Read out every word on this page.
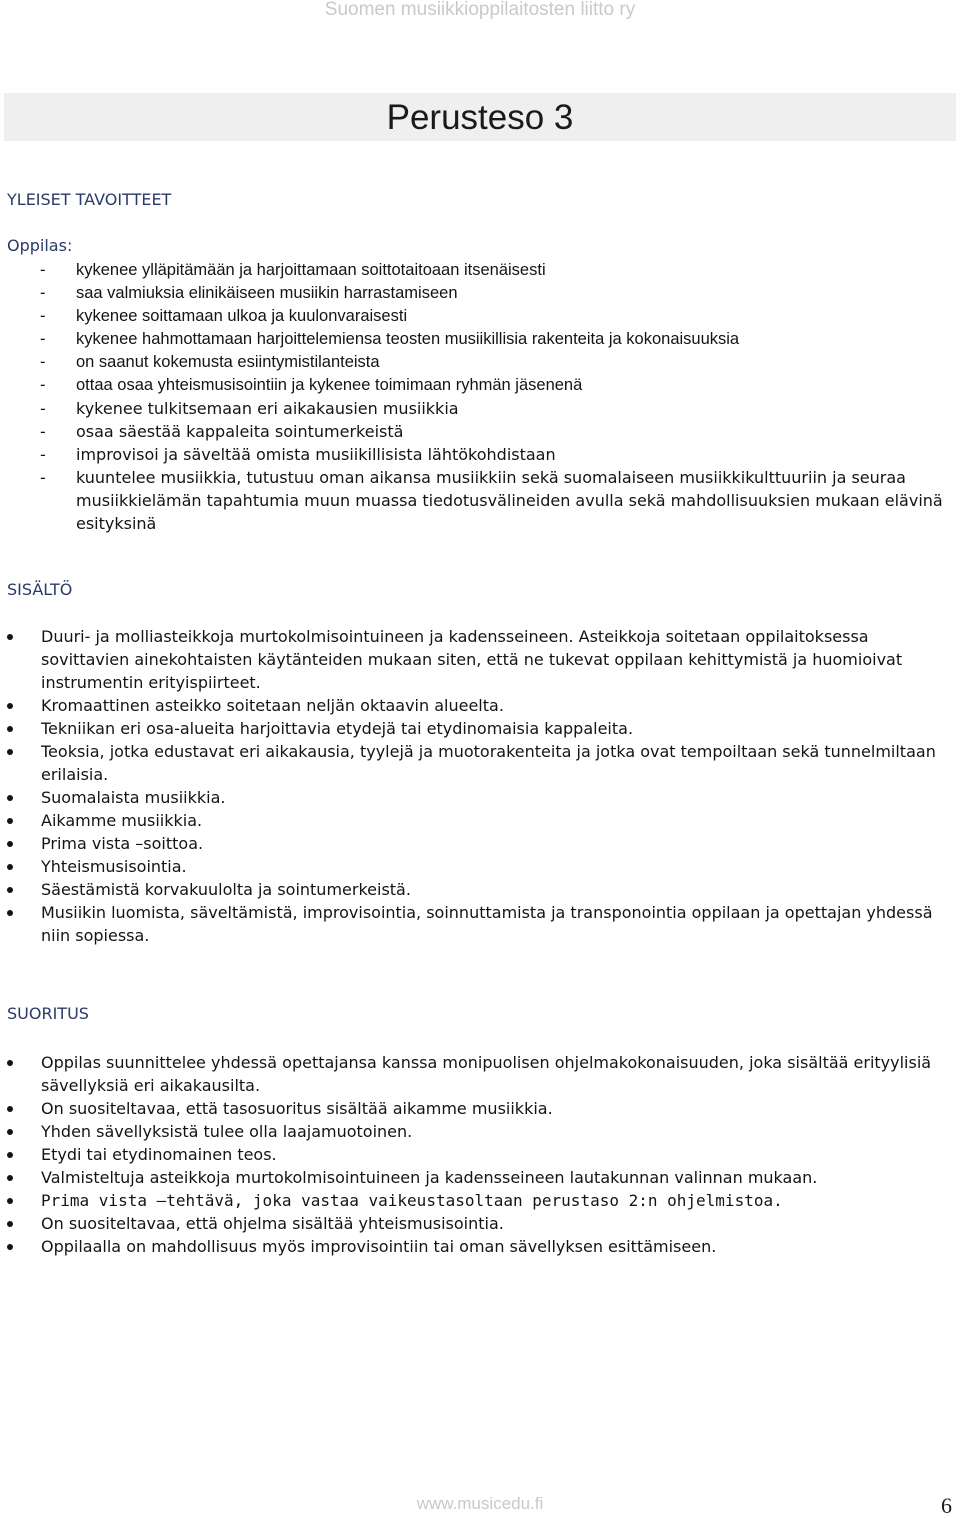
Suomen musiikkioppilaitosten liitto ry
Perusteso 3
YLEISET TAVOITTEET
Oppilas:
- kykenee ylläpitämään ja harjoittamaan soittotaitoaan itsenäisesti
- saa valmiuksia elinikäiseen musiikin harrastamiseen
- kykenee soittamaan ulkoa ja kuulonvaraisesti
- kykenee hahmottamaan harjoittelemiensa teosten musiikillisia rakenteita ja kokonaisuuksia
- on saanut kokemusta esiintymistilanteista
- ottaa osaa yhteismusisointiin ja kykenee toimimaan ryhmän jäsenenä
- kykenee tulkitsemaan eri aikakausien musiikkia
- osaa säestää kappaleita sointumerkeistä
- improvisoi ja säveltää omista musiikillisista lähtökohdistaan
- kuuntelee musiikkia, tutustuu oman aikansa musiikkiin sekä suomalaiseen musiikkikulttuuriin ja seuraa musiikkielämän tapahtumia muun muassa tiedotusvälineiden avulla sekä mahdollisuuksien mukaan elävinä esityksinä
SISÄLTÖ
Duuri- ja molliasteikkoja murtokolmisointuineen ja kadensseineen. Asteikkoja soitetaan oppilaitoksessa sovittavien ainekohtaisten käytänteiden mukaan siten, että ne tukevat oppilaan kehittymistä ja huomioivat instrumentin erityispiirteet.
Kromaattinen asteikko soitetaan neljän oktaavin alueelta.
Tekniikan eri osa-alueita harjoittavia etydejä tai etydinomaisia kappaleita.
Teoksia, jotka edustavat eri aikakausia, tyylejä ja muotorakenteita ja jotka ovat tempoiltaan sekä tunnelmiltaan erilaisia.
Suomalaista musiikkia.
Aikamme musiikkia.
Prima vista –soittoa.
Yhteismusisointia.
Säestämistä korvakuulolta ja sointumerkeistä.
Musiikin luomista, säveltämistä, improvisointia, soinnuttamista ja transponointia oppilaan ja opettajan yhdessä niin sopiessa.
SUORITUS
Oppilas suunnittelee yhdessä opettajansa kanssa monipuolisen ohjelmakokonaisuuden, joka sisältää erityylisiä sävellyksiä eri aikakausilta.
On suositeltavaa, että tasosuoritus sisältää aikamme musiikkia.
Yhden sävellyksistä tulee olla laajamuotoinen.
Etydi tai etydinomainen teos.
Valmisteltuja asteikkoja murtokolmisointuineen ja kadensseineen lautakunnan valinnan mukaan.
Prima vista –tehtävä, joka vastaa vaikeustasoltaan perustaso 2:n ohjelmistoa.
On suositeltavaa, että ohjelma sisältää yhteismusisointia.
Oppilaalla on mahdollisuus myös improvisointiin tai oman sävellyksen esittämiseen.
www.musicedu.fi	6
